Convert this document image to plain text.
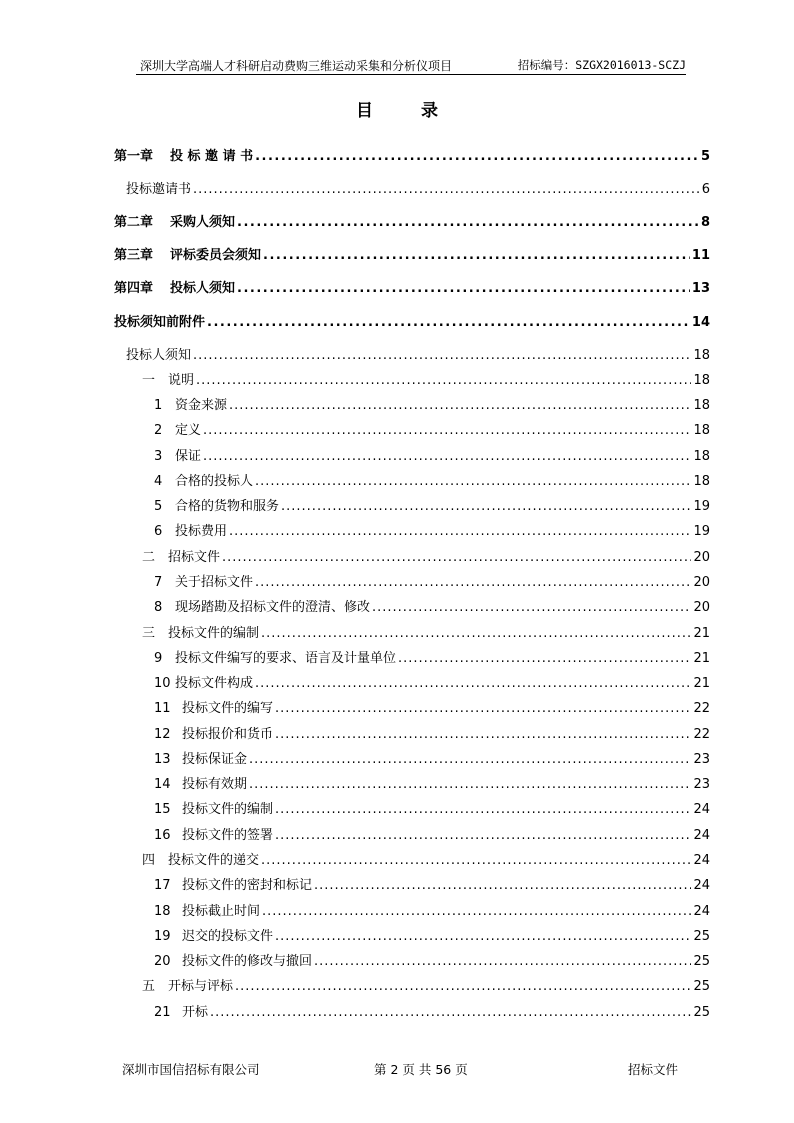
深圳大学高端人才科研启动费购三维运动采集和分析仪项目	招标编号：SZGX2016013-SCZJ
目录
第一章	投 标 邀 请 书 .....	5
投标邀请书 .....	6
第二章	采购人须知 .....	8
第三章	评标委员会须知 .....	11
第四章	投标人须知 .....	13
投标须知前附件 .....	14
投标人须知 .....	18
一 说明 .....	18
1 资金来源 .....	18
2 定义 .....	18
3 保证 .....	18
4 合格的投标人 .....	18
5 合格的货物和服务 .....	19
6 投标费用 .....	19
二 招标文件 .....	20
7 关于招标文件 .....	20
8 现场踏勘及招标文件的澄清、修改 .....	20
三 投标文件的编制 .....	21
9 投标文件编写的要求、语言及计量单位 .....	21
10 投标文件构成 .....	21
11 投标文件的编写 .....	22
12 投标报价和货币 .....	22
13 投标保证金 .....	23
14 投标有效期 .....	23
15 投标文件的编制 .....	24
16 投标文件的签署 .....	24
四 投标文件的递交 .....	24
17 投标文件的密封和标记 .....	24
18 投标截止时间 .....	24
19 迟交的投标文件 .....	25
20 投标文件的修改与撤回 .....	25
五 开标与评标 .....	25
21 开标 .....	25
深圳市国信招标有限公司	第 2 页 共 56 页	招标文件
